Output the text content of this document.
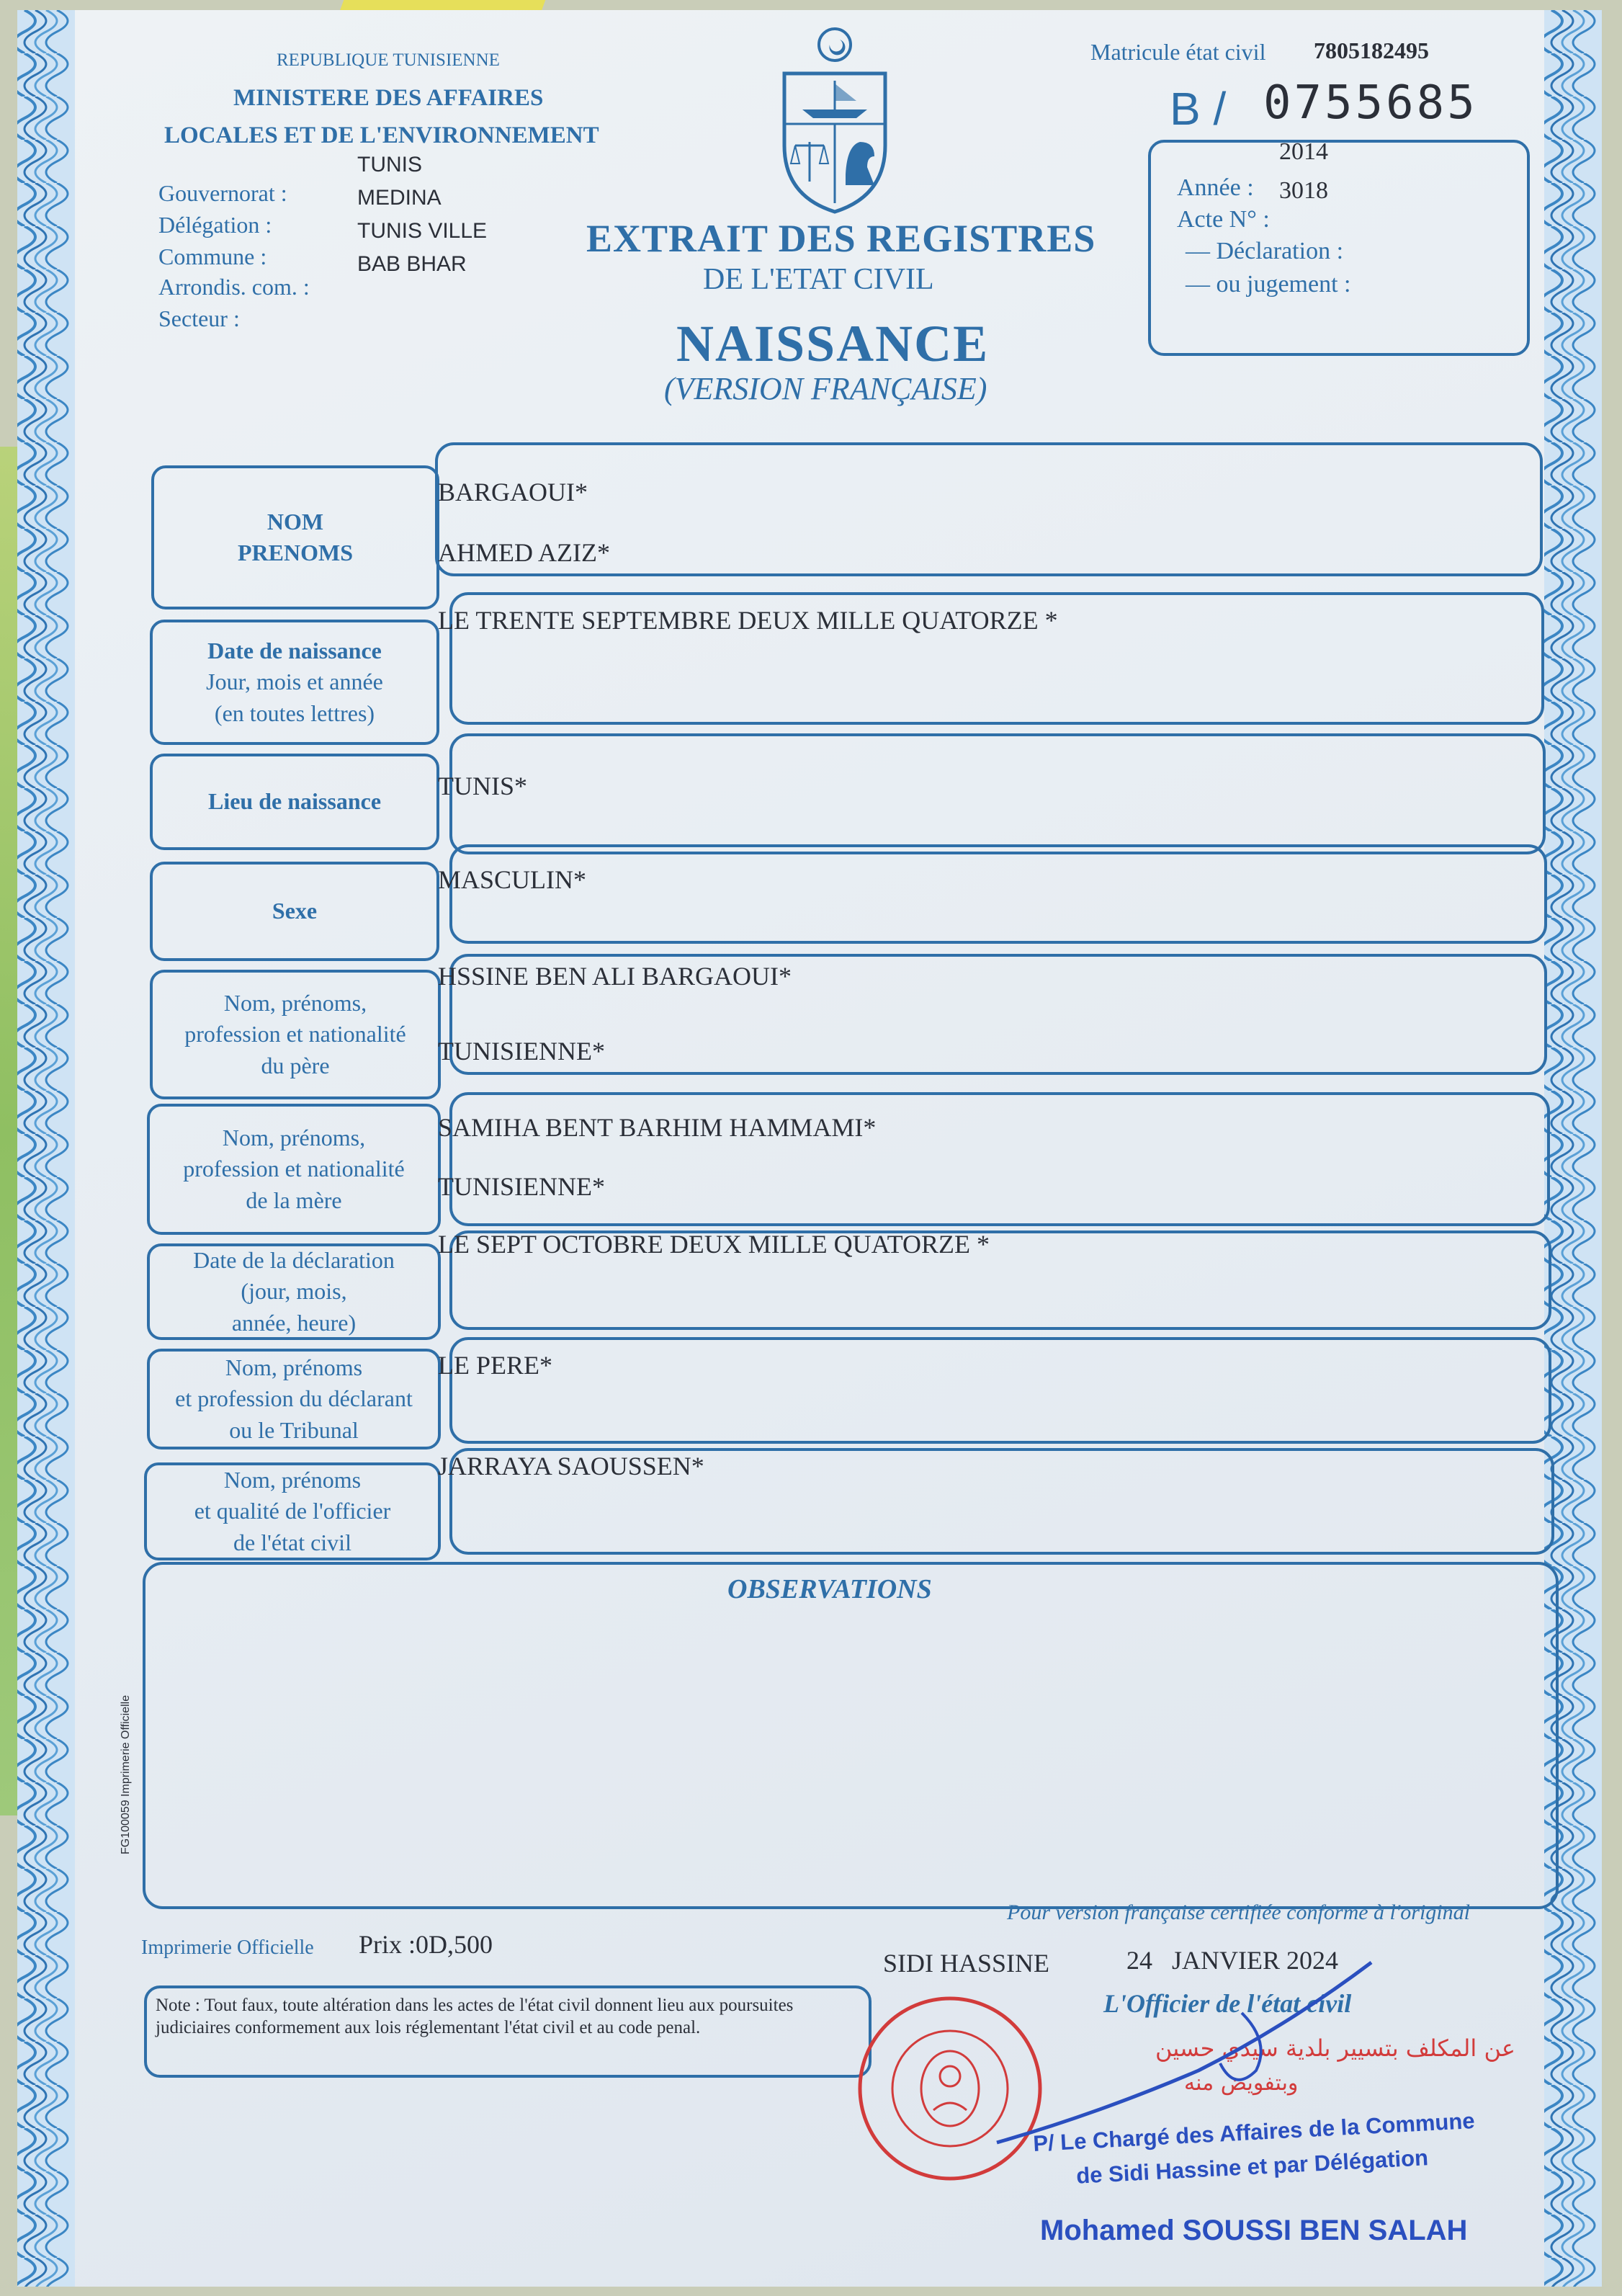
REPUBLIQUE TUNISIENNE
MINISTERE DES AFFAIRES
LOCALES ET DE L'ENVIRONNEMENT
Gouvernorat :
TUNIS
Délégation :
MEDINA
Commune :
TUNIS VILLE
Arrondis. com. :
BAB BHAR
Secteur :
EXTRAIT DES REGISTRES
DE L'ETAT CIVIL
NAISSANCE
(VERSION FRANÇAISE)
Matricule état civil 7805182495
B / 0755685
2014
Année : 3018
Acte N° :
— Déclaration :
— ou jugement :
NOM
PRENOMS
BARGAOUI*
AHMED AZIZ*
Date de naissance
Jour, mois et année
(en toutes lettres)
LE TRENTE SEPTEMBRE DEUX MILLE QUATORZE *
Lieu de naissance
TUNIS*
Sexe
MASCULIN*
Nom, prénoms,
profession et nationalité
du père
HSSINE BEN ALI BARGAOUI*
TUNISIENNE*
Nom, prénoms,
profession et nationalité
de la mère
SAMIHA BENT BARHIM HAMMAMI*
TUNISIENNE*
Date de la déclaration
(jour, mois,
année, heure)
LE SEPT OCTOBRE DEUX MILLE QUATORZE *
Nom, prénoms
et profession du déclarant
ou le Tribunal
LE PERE*
Nom, prénoms
et qualité de l'officier
de l'état civil
JARRAYA SAOUSSEN*
OBSERVATIONS
FG100059 Imprimerie Officielle
Imprimerie Officielle Prix :0D,500
Pour version française certifiée conforme à l'original
SIDI HASSINE	24   JANVIER 2024
L'Officier de l'état civil
Note : Tout faux, toute altération dans les actes de l'état civil donnent lieu aux poursuites judiciaires conformement aux lois réglementant l'état civil et au code penal.
عن المكلف بتسيير بلدية سيدي حسين
وبتفويض منه
P/ Le Chargé des Affaires de la Commune
de Sidi Hassine et par Délégation
Mohamed SOUSSI BEN SALAH
